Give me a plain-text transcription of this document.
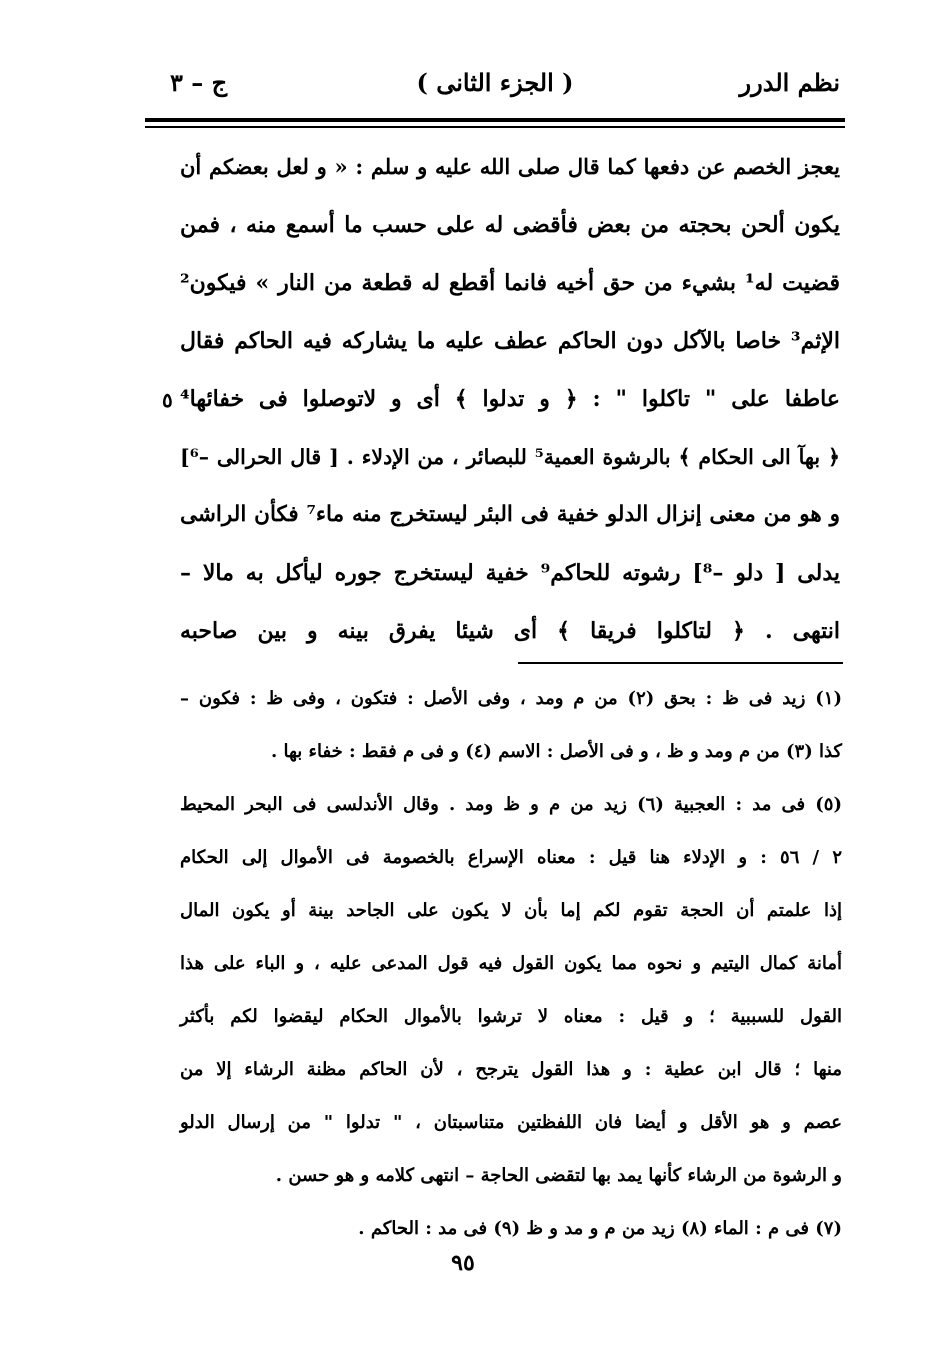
نظم الدرر
( الجزء الثانى )
ج – ٣
٥
يعجز الخصم عن دفعها كما قال صلى الله عليه و سلم : « و لعل بعضكم أن
يكون ألحن بحجته من بعض فأقضى له على حسب ما أسمع منه ، فمن
قضيت له¹ بشيء من حق أخيه فانما أقطع له قطعة من النار » فيكون²
الإثم³ خاصا بالآكل دون الحاكم عطف عليه ما يشاركه فيه الحاكم فقال
عاطفا على " تاكلوا " : ﴿ و تدلوا ﴾ أى و لاتوصلوا فى خفائها⁴
﴿ بهآ الى الحكام ﴾ بالرشوة العمية⁵ للبصائر ، من الإدلاء . [ قال الحرالى –⁶]
و هو من معنى إنزال الدلو خفية فى البئر ليستخرج منه ماء⁷ فكأن الراشى
يدلى [ دلو –⁸] رشوته للحاكم⁹ خفية ليستخرج جوره ليأكل به مالا –
انتهى . ﴿ لتاكلوا فريقا ﴾ أى شيئا يفرق بينه و بين صاحبه
(١) زيد فى ظ : بحق (٢) من م ومد ، وفى الأصل : فتكون ، وفى ظ : فكون –
كذا (٣) من م ومد و ظ ، و فى الأصل : الاسم (٤) و فى م فقط : خفاء بها .
(٥) فى مد : العجبية (٦) زيد من م و ظ ومد . وقال الأندلسى فى البحر المحيط
٢ / ٥٦ : و الإدلاء هنا قيل : معناه الإسراع بالخصومة فى الأموال إلى الحكام
إذا علمتم أن الحجة تقوم لكم إما بأن لا يكون على الجاحد بينة أو يكون المال
أمانة كمال اليتيم و نحوه مما يكون القول فيه قول المدعى عليه ، و الباء على هذا
القول للسببية ؛ و قيل : معناه لا ترشوا بالأموال الحكام ليقضوا لكم بأكثر
منها ؛ قال ابن عطية : و هذا القول يترجح ، لأن الحاكم مظنة الرشاء إلا من
عصم و هو الأقل و أيضا فان اللفظتين متناسبتان ، " تدلوا " من إرسال الدلو
و الرشوة من الرشاء كأنها يمد بها لتقضى الحاجة – انتهى كلامه و هو حسن .
(٧) فى م : الماء (٨) زيد من م و مد و ظ (٩) فى مد : الحاكم .
٩٥
